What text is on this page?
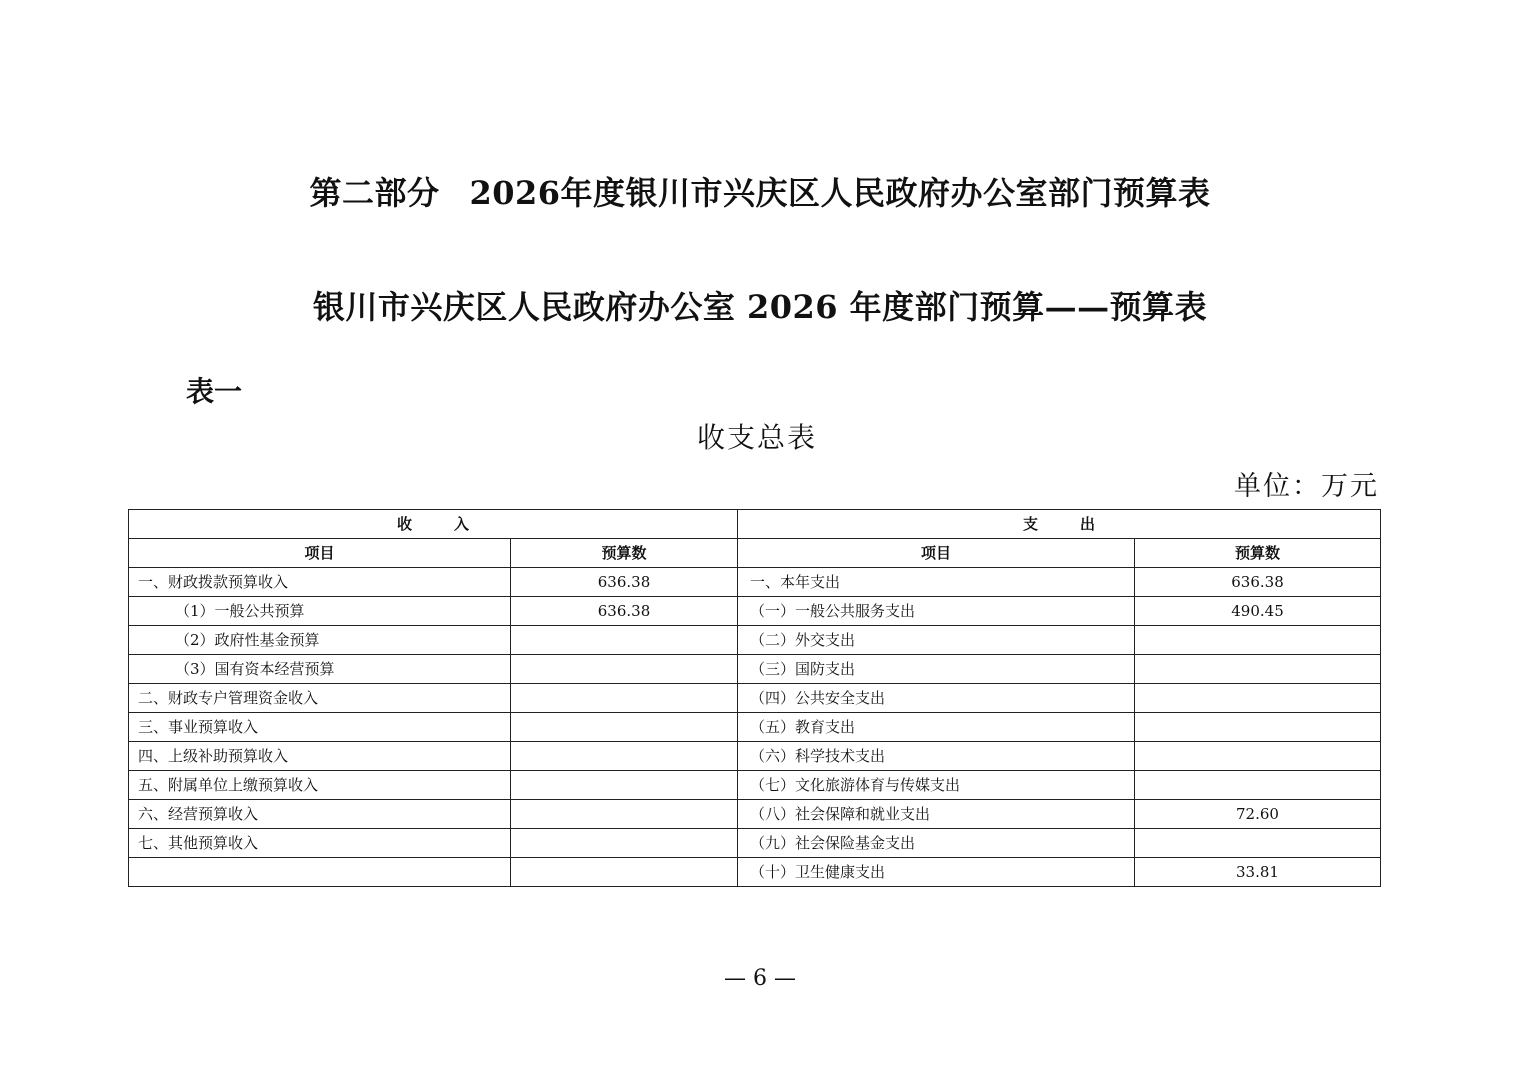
第二部分 2026年度银川市兴庆区人民政府办公室部门预算表
银川市兴庆区人民政府办公室 2026 年度部门预算——预算表
表一
收支总表
单位：万元
收 入		支 出	
项目	预算数	项目	预算数
一、财政拨款预算收入	636.38	一、本年支出	636.38
（1）一般公共预算	636.38	（一）一般公共服务支出	490.45
（2）政府性基金预算		（二）外交支出	
（3）国有资本经营预算		（三）国防支出	
二、财政专户管理资金收入		（四）公共安全支出	
三、事业预算收入		（五）教育支出	
四、上级补助预算收入		（六）科学技术支出	
五、附属单位上缴预算收入		（七）文化旅游体育与传媒支出	
六、经营预算收入		（八）社会保障和就业支出	72.60
七、其他预算收入		（九）社会保险基金支出	
		（十）卫生健康支出	33.81
— 6 —
